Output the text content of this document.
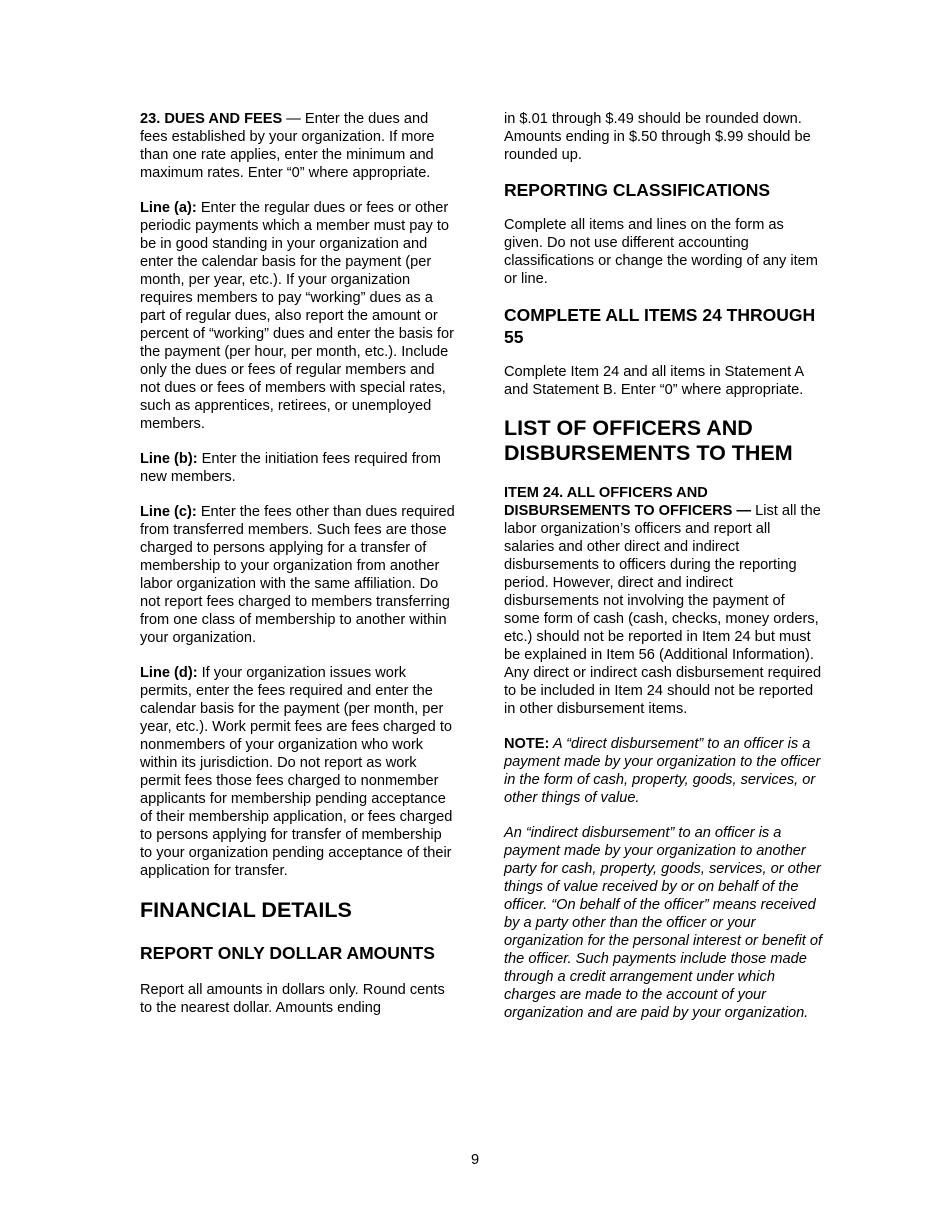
23. DUES AND FEES — Enter the dues and fees established by your organization. If more than one rate applies, enter the minimum and maximum rates. Enter “0” where appropriate.

Line (a): Enter the regular dues or fees or other periodic payments which a member must pay to be in good standing in your organization and enter the calendar basis for the payment (per month, per year, etc.). If your organization requires members to pay “working” dues as a part of regular dues, also report the amount or percent of “working” dues and enter the basis for the payment (per hour, per month, etc.). Include only the dues or fees of regular members and not dues or fees of members with special rates, such as apprentices, retirees, or unemployed members.

Line (b): Enter the initiation fees required from new members.

Line (c): Enter the fees other than dues required from transferred members. Such fees are those charged to persons applying for a transfer of membership to your organization from another labor organization with the same affiliation. Do not report fees charged to members transferring from one class of membership to another within your organization.

Line (d): If your organization issues work permits, enter the fees required and enter the calendar basis for the payment (per month, per year, etc.). Work permit fees are fees charged to nonmembers of your organization who work within its jurisdiction. Do not report as work permit fees those fees charged to nonmember applicants for membership pending acceptance of their membership application, or fees charged to persons applying for transfer of membership to your organization pending acceptance of their application for transfer.

FINANCIAL DETAILS
REPORT ONLY DOLLAR AMOUNTS

Report all amounts in dollars only. Round cents to the nearest dollar. Amounts ending

in $.01 through $.49 should be rounded down. Amounts ending in $.50 through $.99 should be rounded up.

REPORTING CLASSIFICATIONS

Complete all items and lines on the form as given. Do not use different accounting classifications or change the wording of any item or line.

COMPLETE ALL ITEMS 24 THROUGH 55

Complete Item 24 and all items in Statement A and Statement B. Enter “0” where appropriate.

LIST OF OFFICERS AND DISBURSEMENTS TO THEM

ITEM 24. ALL OFFICERS AND DISBURSEMENTS TO OFFICERS — List all the labor organization’s officers and report all salaries and other direct and indirect disbursements to officers during the reporting period. However, direct and indirect disbursements not involving the payment of some form of cash (cash, checks, money orders, etc.) should not be reported in Item 24 but must be explained in Item 56 (Additional Information). Any direct or indirect cash disbursement required to be included in Item 24 should not be reported in other disbursement items.

NOTE: A “direct disbursement” to an officer is a payment made by your organization to the officer in the form of cash, property, goods, services, or other things of value.

An “indirect disbursement” to an officer is a payment made by your organization to another party for cash, property, goods, services, or other things of value received by or on behalf of the officer. “On behalf of the officer” means received by a party other than the officer or your organization for the personal interest or benefit of the officer. Such payments include those made through a credit arrangement under which charges are made to the account of your organization and are paid by your organization.

9
